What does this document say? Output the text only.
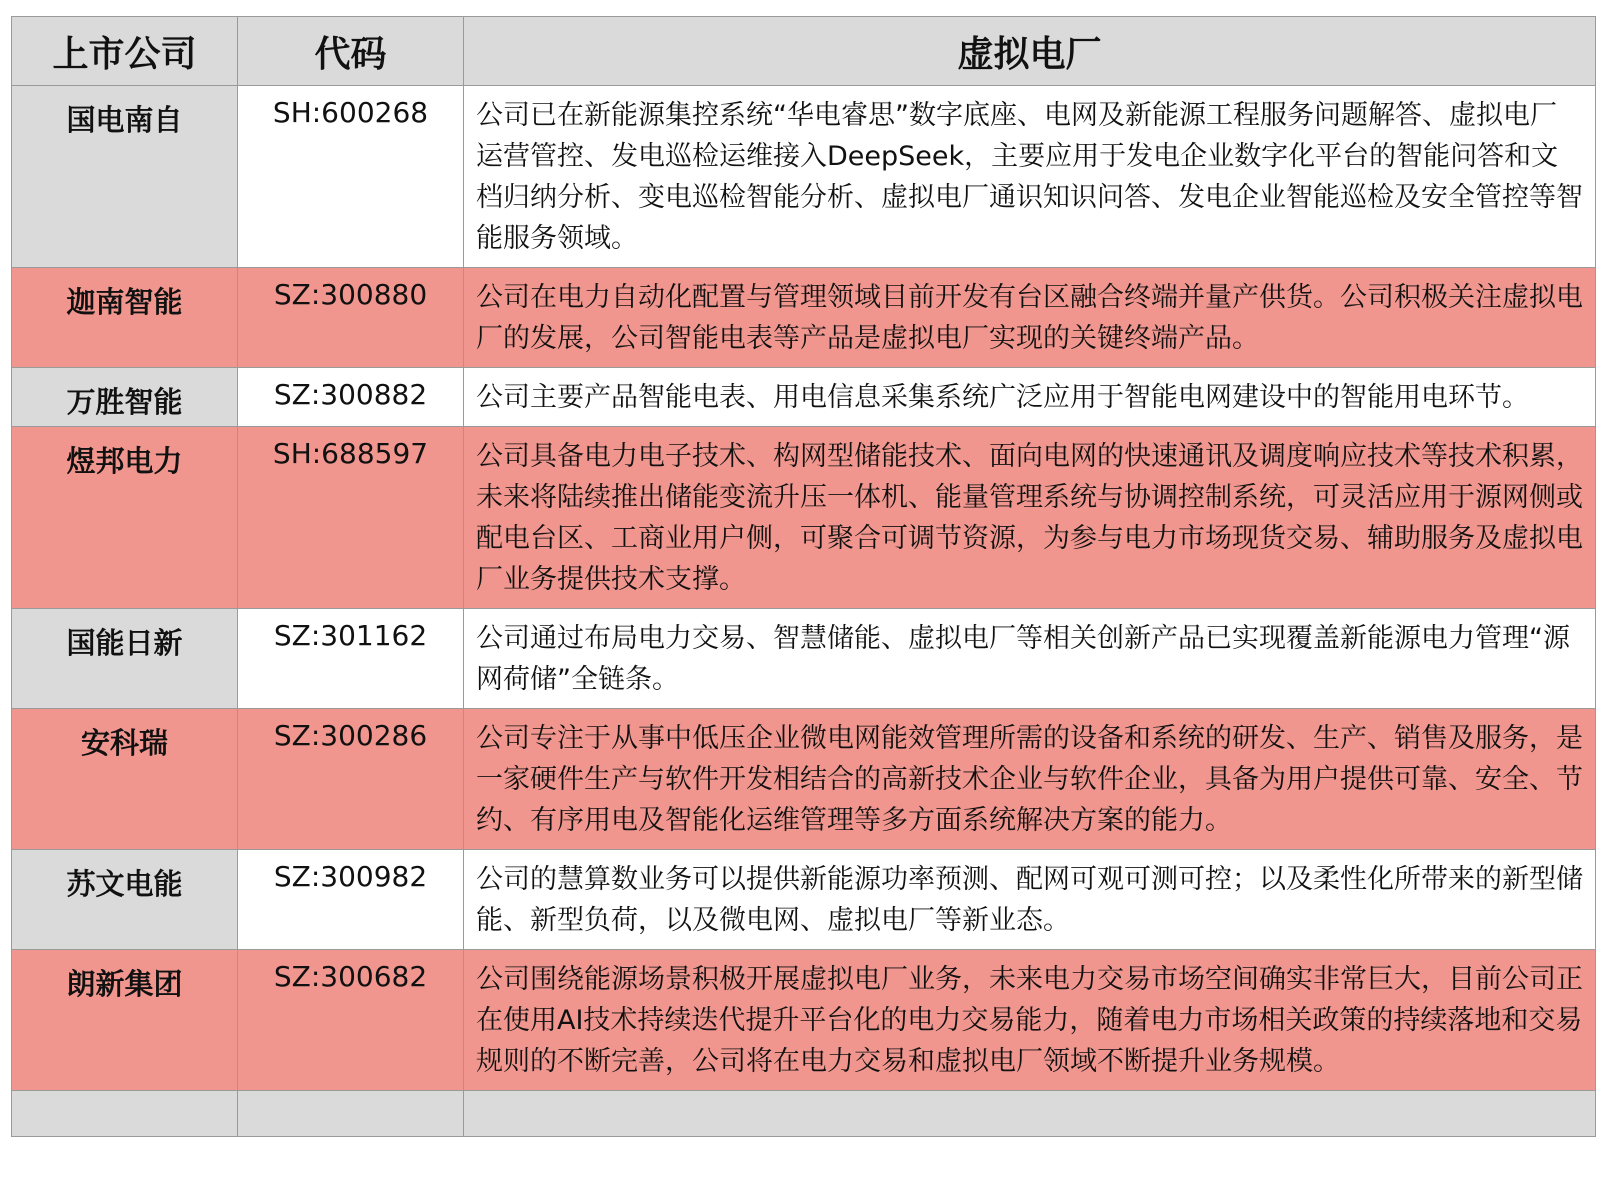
上市公司	代码	虚拟电厂
国电南自	SH:600268	公司已在新能源集控系统“华电睿思”数字底座、电网及新能源工程服务问题解答、虚拟电厂运营管控、发电巡检运维接入DeepSeek，主要应用于发电企业数字化平台的智能问答和文档归纳分析、变电巡检智能分析、虚拟电厂通识知识问答、发电企业智能巡检及安全管控等智能服务领域。
迦南智能	SZ:300880	公司在电力自动化配置与管理领域目前开发有台区融合终端并量产供货。公司积极关注虚拟电厂的发展，公司智能电表等产品是虚拟电厂实现的关键终端产品。
万胜智能	SZ:300882	公司主要产品智能电表、用电信息采集系统广泛应用于智能电网建设中的智能用电环节。
煜邦电力	SH:688597	公司具备电力电子技术、构网型储能技术、面向电网的快速通讯及调度响应技术等技术积累，未来将陆续推出储能变流升压一体机、能量管理系统与协调控制系统，可灵活应用于源网侧或配电台区、工商业用户侧，可聚合可调节资源，为参与电力市场现货交易、辅助服务及虚拟电厂业务提供技术支撑。
国能日新	SZ:301162	公司通过布局电力交易、智慧储能、虚拟电厂等相关创新产品已实现覆盖新能源电力管理“源网荷储”全链条。
安科瑞	SZ:300286	公司专注于从事中低压企业微电网能效管理所需的设备和系统的研发、生产、销售及服务，是一家硬件生产与软件开发相结合的高新技术企业与软件企业，具备为用户提供可靠、安全、节约、有序用电及智能化运维管理等多方面系统解决方案的能力。
苏文电能	SZ:300982	公司的慧算数业务可以提供新能源功率预测、配网可观可测可控；以及柔性化所带来的新型储能、新型负荷，以及微电网、虚拟电厂等新业态。
朗新集团	SZ:300682	公司围绕能源场景积极开展虚拟电厂业务，未来电力交易市场空间确实非常巨大，目前公司正在使用AI技术持续迭代提升平台化的电力交易能力，随着电力市场相关政策的持续落地和交易规则的不断完善，公司将在电力交易和虚拟电厂领域不断提升业务规模。
